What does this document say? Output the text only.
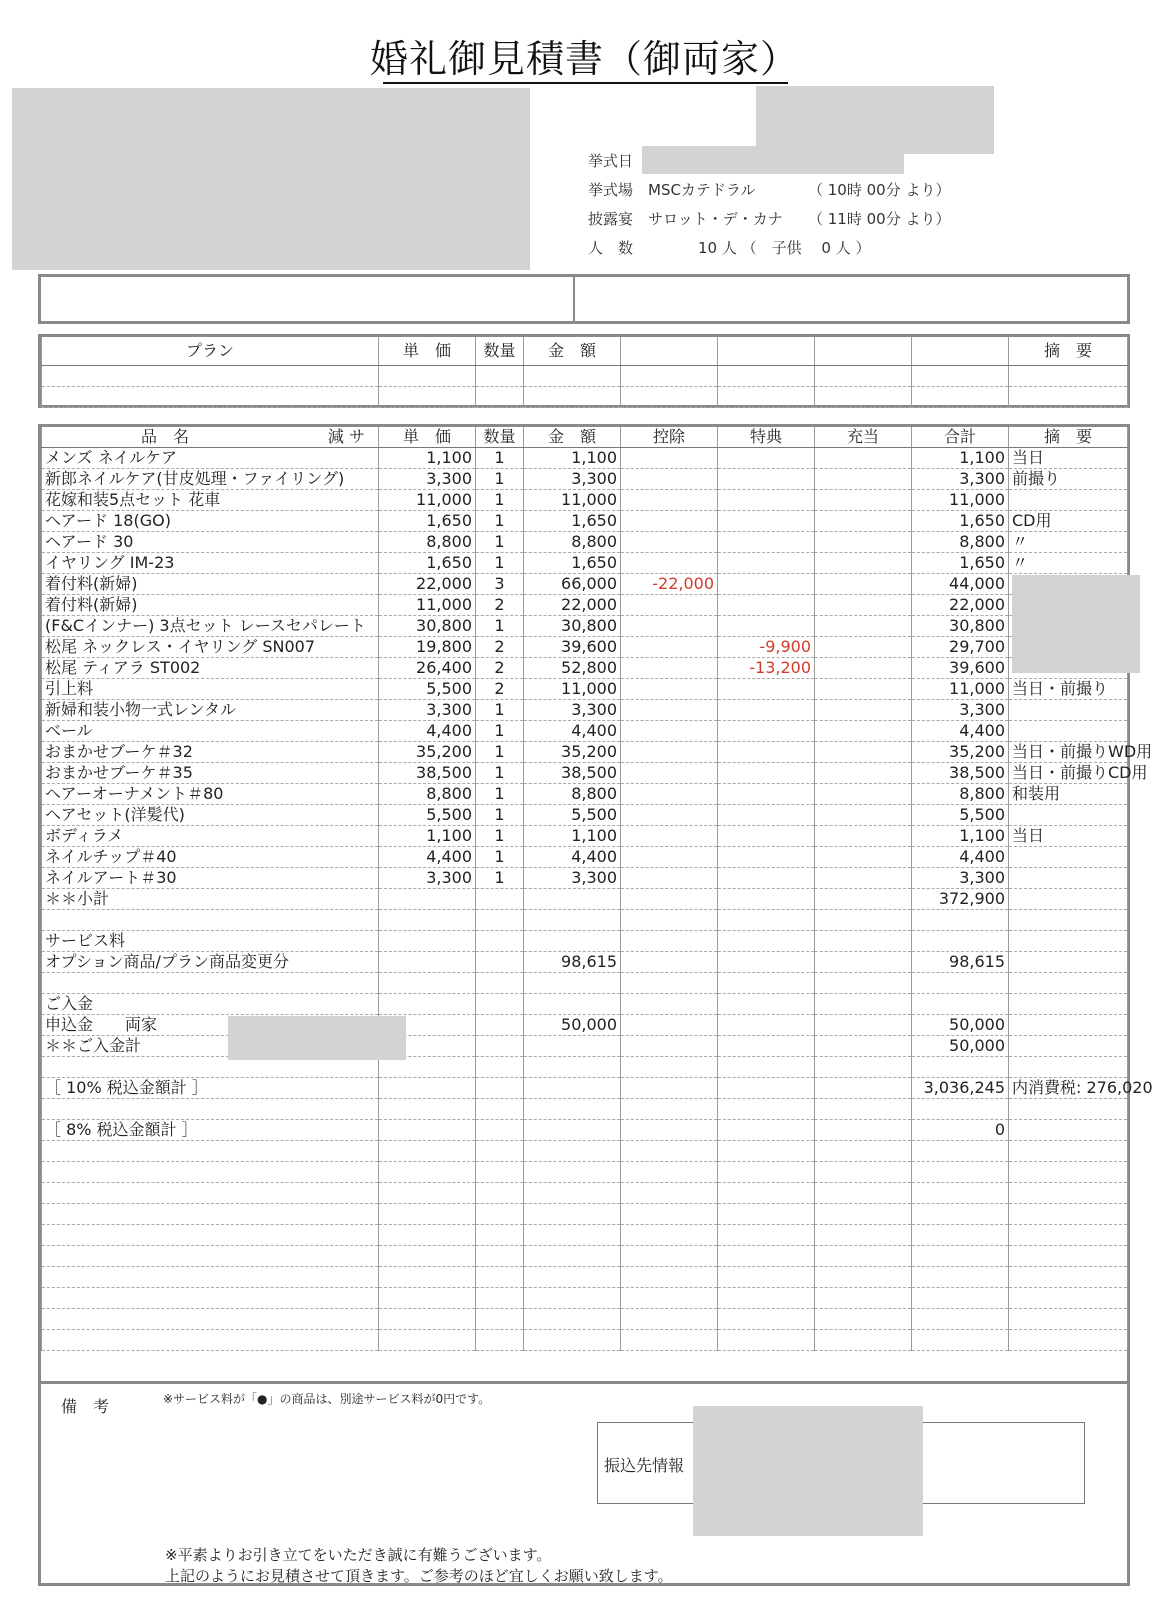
婚礼御見積書（御両家）
挙式日
挙式場 MSCカテドラル	（ 10時 00分 より）
披露宴 サロット・デ・カナ （ 11時 00分 より）
人　数	10 人 （　子供　 0 人 ）
プラン	単　価	数量	金　額					摘　要

品　名 減 サ	単　価	数量	金　額	控除	特典	充当	合計	摘　要
メンズ ネイルケア	1,100	1	1,100				1,100	当日
新郎ネイルケア(甘皮処理・ファイリング)	3,300	1	3,300				3,300	前撮り
花嫁和装5点セット 花車	11,000	1	11,000				11,000	
ヘアード 18(GO)	1,650	1	1,650				1,650	CD用
ヘアード 30	8,800	1	8,800				8,800	〃
イヤリング IM-23	1,650	1	1,650				1,650	〃
着付料(新婦)	22,000	3	66,000	-22,000			44,000	
着付料(新婦)	11,000	2	22,000				22,000	
(F&Cインナー) 3点セット レースセパレート	30,800	1	30,800				30,800	
松尾 ネックレス・イヤリング SN007	19,800	2	39,600		-9,900		29,700	
松尾 ティアラ ST002	26,400	2	52,800		-13,200		39,600	
引上料	5,500	2	11,000				11,000	当日・前撮り
新婦和装小物一式レンタル	3,300	1	3,300				3,300	
ベール	4,400	1	4,400				4,400	
おまかせブーケ＃32	35,200	1	35,200				35,200	当日・前撮りWD用
おまかせブーケ＃35	38,500	1	38,500				38,500	当日・前撮りCD用
ヘアーオーナメント＃80	8,800	1	8,800				8,800	和装用
ヘアセット(洋髪代)	5,500	1	5,500				5,500	
ボディラメ	1,100	1	1,100				1,100	当日
ネイルチップ＃40	4,400	1	4,400				4,400	
ネイルアート＃30	3,300	1	3,300				3,300	
＊＊小計							372,900	

サービス料								
オプション商品/プラン商品変更分			98,615				98,615	

ご入金								
申込金　　両家			50,000				50,000	
＊＊ご入金計							50,000	

［ 10% 税込金額計 ］							3,036,245	内消費税: 276,020

［ 8% 税込金額計 ］							0	

備　考	※サービス料が「●」の商品は、別途サービス料が0円です。
振込先情報
※平素よりお引き立てをいただき誠に有難うございます。
上記のようにお見積させて頂きます。ご参考のほど宜しくお願い致します。
